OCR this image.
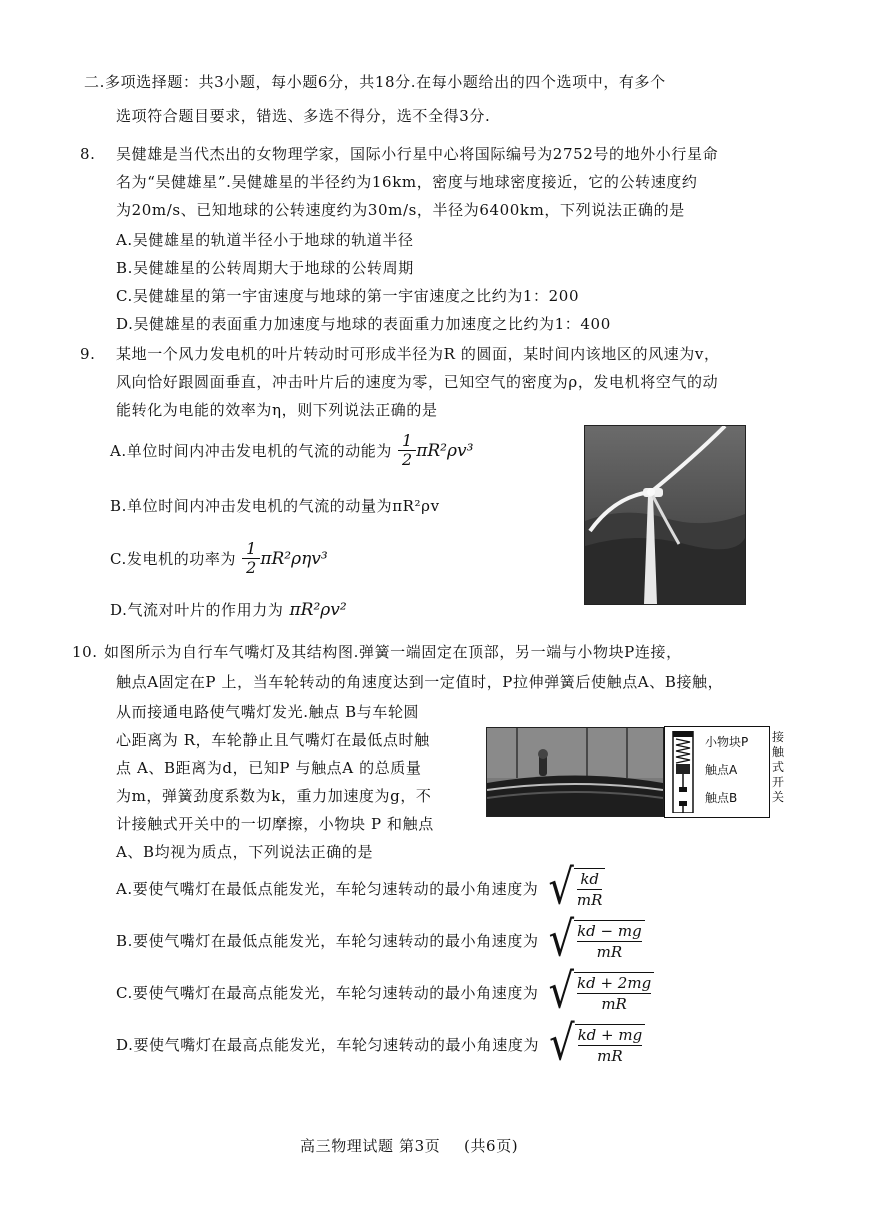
二.多项选择题：共3小题，每小题6分，共18分.在每小题给出的四个选项中，有多个
选项符合题目要求，错选、多选不得分，选不全得3分.
8. 吴健雄是当代杰出的女物理学家，国际小行星中心将国际编号为2752号的地外小行星命
名为“吴健雄星”.吴健雄星的半径约为16km，密度与地球密度接近，它的公转速度约
为20m/s、已知地球的公转速度约为30m/s，半径为6400km，下列说法正确的是
A.吴健雄星的轨道半径小于地球的轨道半径
B.吴健雄星的公转周期大于地球的公转周期
C.吴健雄星的第一宇宙速度与地球的第一宇宙速度之比约为1：200
D.吴健雄星的表面重力加速度与地球的表面重力加速度之比约为1：400
9. 某地一个风力发电机的叶片转动时可形成半径为R 的圆面，某时间内该地区的风速为v，
风向恰好跟圆面垂直，冲击叶片后的速度为零，已知空气的密度为ρ，发电机将空气的动
能转化为电能的效率为η，则下列说法正确的是
A.单位时间内冲击发电机的气流的动能为 $\frac{1}{2} \pi R^2\rho v^3$
B.单位时间内冲击发电机的气流的动量为πR²ρv
C.发电机的功率为 $\frac{1}{2} \pi R^2\rho\eta v^3$
D.气流对叶片的作用力为 πR²ρv²
10. 如图所示为自行车气嘴灯及其结构图.弹簧一端固定在顶部，另一端与小物块P连接，
触点A固定在P 上，当车轮转动的角速度达到一定值时，P拉伸弹簧后使触点A、B接触，
从而接通电路使气嘴灯发光.触点 B与车轮圆
心距离为 R，车轮静止且气嘴灯在最低点时触
点 A、B距离为d，已知P 与触点A 的总质量
为m，弹簧劲度系数为k，重力加速度为g，不
计接触式开关中的一切摩擦，小物块 P 和触点
A、B均视为质点，下列说法正确的是
小物块P
触点A
触点B
接触式开关
A.要使气嘴灯在最低点能发光，车轮匀速转动的最小角速度为 √ kd
mR
B.要使气嘴灯在最低点能发光，车轮匀速转动的最小角速度为 √ kd − mg
mR
C.要使气嘴灯在最高点能发光，车轮匀速转动的最小角速度为 √ kd + 2mg
mR
D.要使气嘴灯在最高点能发光，车轮匀速转动的最小角速度为 √ kd + mg
mR
高三物理试题 第3页 (共6页)
